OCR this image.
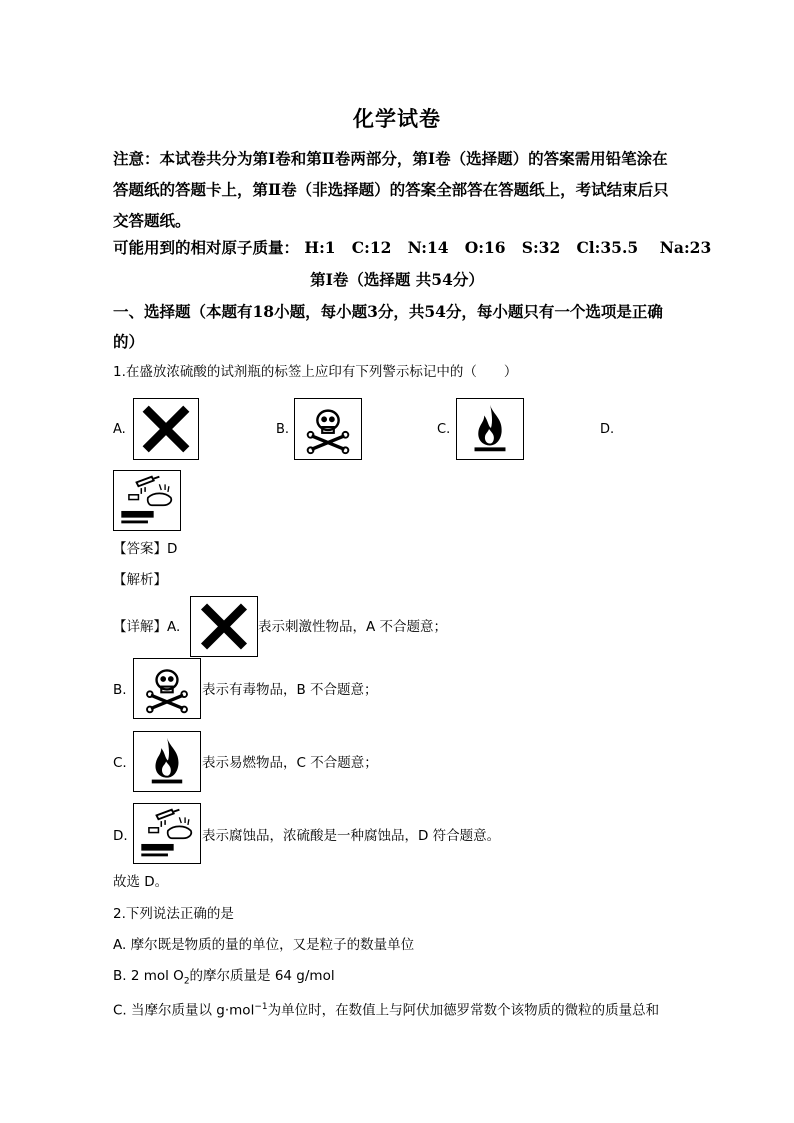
化学试卷
注意：本试卷共分为第Ⅰ卷和第Ⅱ卷两部分，第Ⅰ卷（选择题）的答案需用铅笔涂在答题纸的答题卡上，第Ⅱ卷（非选择题）的答案全部答在答题纸上，考试结束后只交答题纸。
可能用到的相对原子质量： H:1 C:12 N:14 O:16 S:32 Cl:35.5 Na:23
第Ⅰ卷（选择题 共54分）
一、选择题（本题有18小题，每小题3分，共54分，每小题只有一个选项是正确的）
1.在盛放浓硫酸的试剂瓶的标签上应印有下列警示标记中的（　　）
A.	B.	C.	D.
【答案】D
【解析】
【详解】A.	表示刺激性物品，A 不合题意；
B.	表示有毒物品，B 不合题意；
C.	表示易燃物品，C 不合题意；
D.	表示腐蚀品，浓硫酸是一种腐蚀品，D 符合题意。
故选 D。
2.下列说法正确的是
A. 摩尔既是物质的量的单位，又是粒子的数量单位
B. 2 mol $O_2$的摩尔质量是 64 g/mol
C. 当摩尔质量以 g·mol$^{-1}$为单位时，在数值上与阿伏加德罗常数个该物质的微粒的质量总和
